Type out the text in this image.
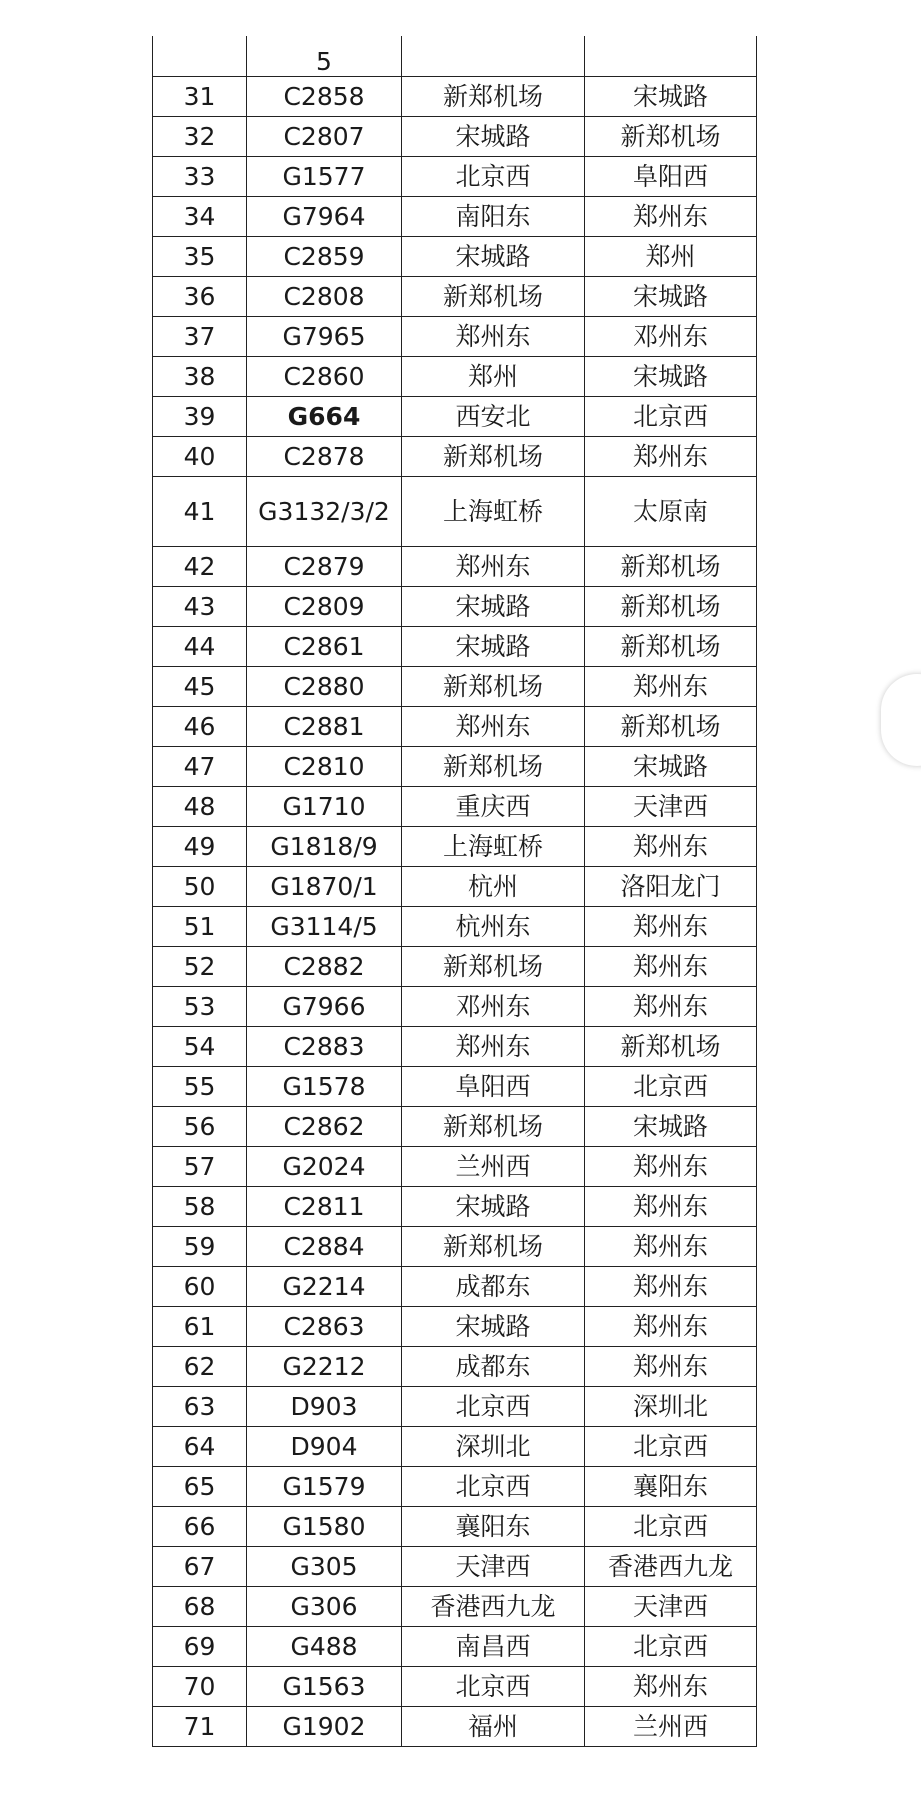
5
31	C2858	新郑机场	宋城路
32	C2807	宋城路	新郑机场
33	G1577	北京西	阜阳西
34	G7964	南阳东	郑州东
35	C2859	宋城路	郑州
36	C2808	新郑机场	宋城路
37	G7965	郑州东	邓州东
38	C2860	郑州	宋城路
39	G664	西安北	北京西
40	C2878	新郑机场	郑州东
41	G3132/3/2	上海虹桥	太原南
42	C2879	郑州东	新郑机场
43	C2809	宋城路	新郑机场
44	C2861	宋城路	新郑机场
45	C2880	新郑机场	郑州东
46	C2881	郑州东	新郑机场
47	C2810	新郑机场	宋城路
48	G1710	重庆西	天津西
49	G1818/9	上海虹桥	郑州东
50	G1870/1	杭州	洛阳龙门
51	G3114/5	杭州东	郑州东
52	C2882	新郑机场	郑州东
53	G7966	邓州东	郑州东
54	C2883	郑州东	新郑机场
55	G1578	阜阳西	北京西
56	C2862	新郑机场	宋城路
57	G2024	兰州西	郑州东
58	C2811	宋城路	郑州东
59	C2884	新郑机场	郑州东
60	G2214	成都东	郑州东
61	C2863	宋城路	郑州东
62	G2212	成都东	郑州东
63	D903	北京西	深圳北
64	D904	深圳北	北京西
65	G1579	北京西	襄阳东
66	G1580	襄阳东	北京西
67	G305	天津西	香港西九龙
68	G306	香港西九龙	天津西
69	G488	南昌西	北京西
70	G1563	北京西	郑州东
71	G1902	福州	兰州西
